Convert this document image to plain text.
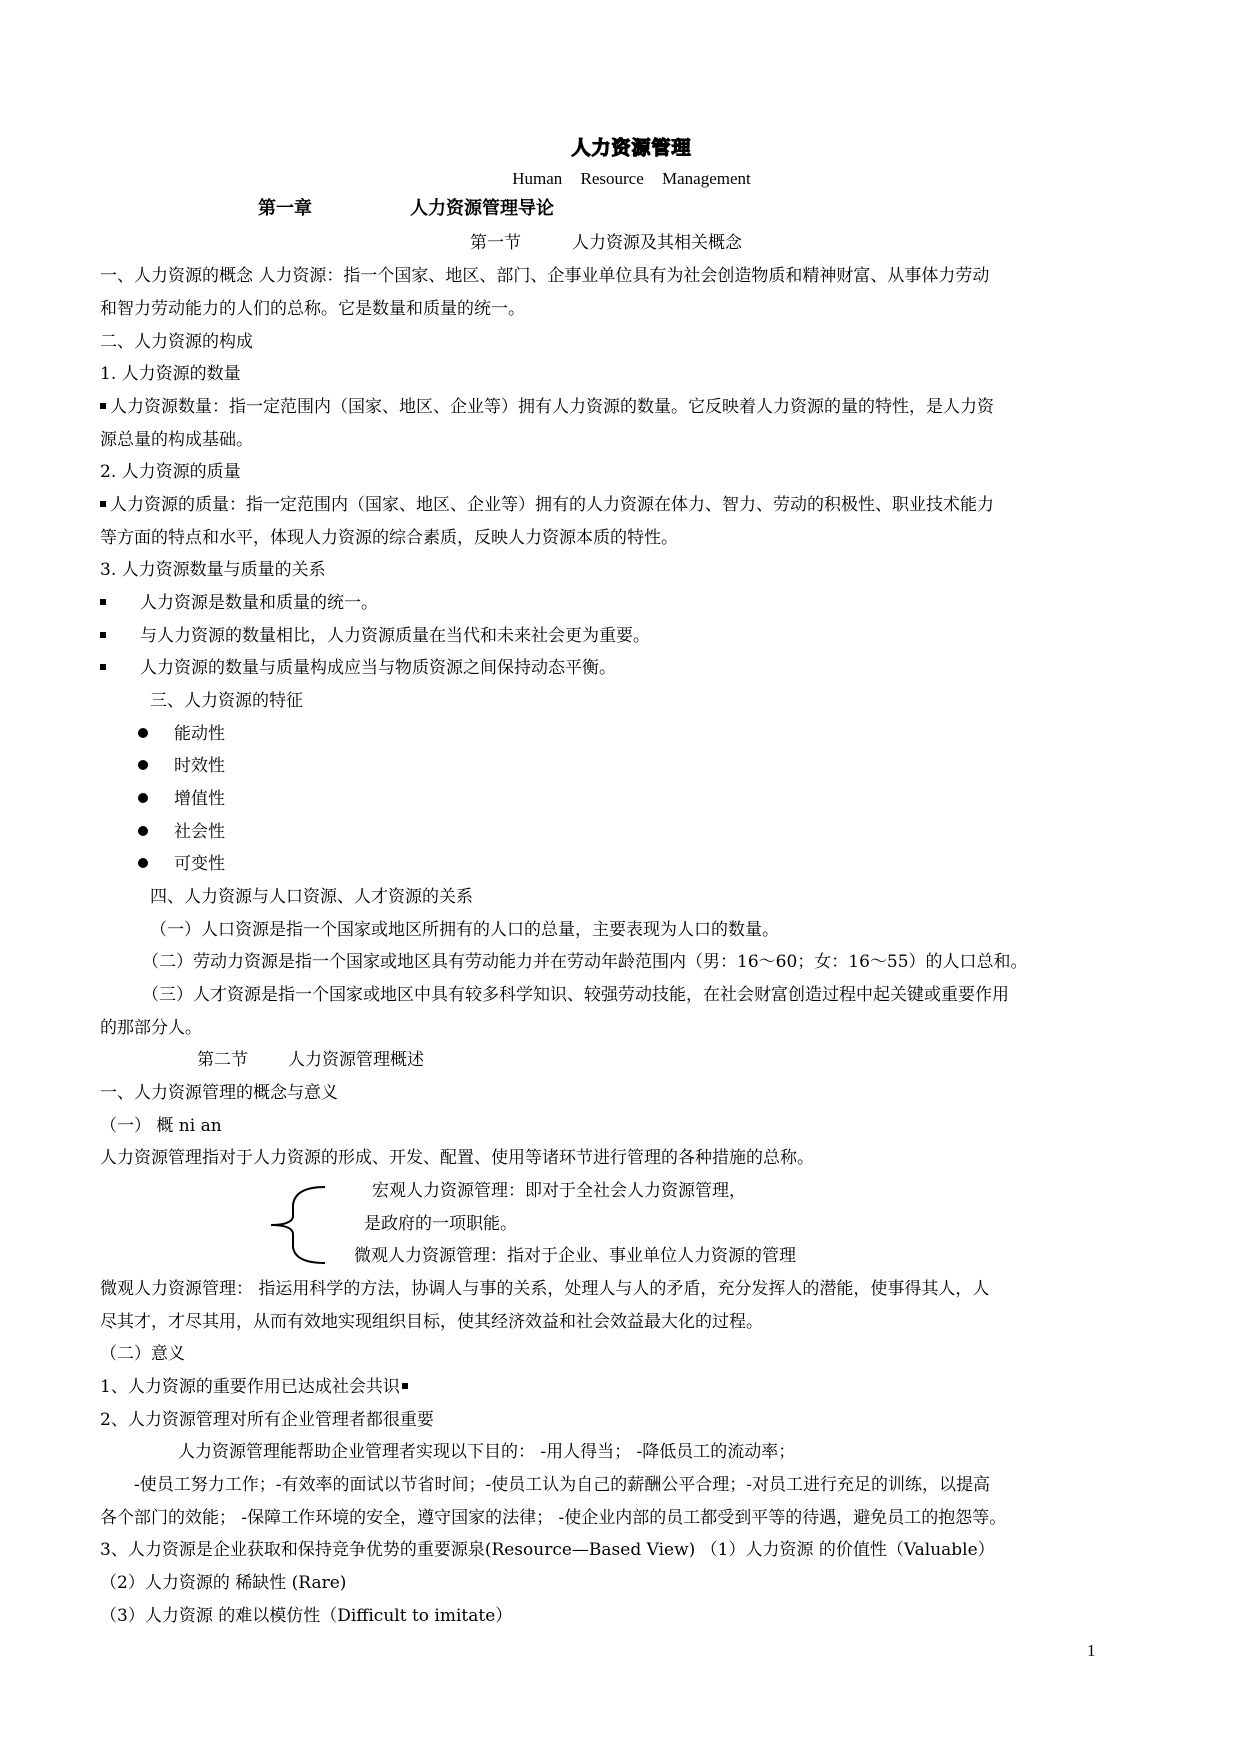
人力资源管理
Human Resource Management
第一章	人力资源管理导论
第一节	人力资源及其相关概念
一、人力资源的概念 人力资源：指一个国家、地区、部门、企事业单位具有为社会创造物质和精神财富、从事体力劳动
和智力劳动能力的人们的总称。它是数量和质量的统一。
二、人力资源的构成
1. 人力资源的数量
人力资源数量：指一定范围内（国家、地区、企业等）拥有人力资源的数量。它反映着人力资源的量的特性，是人力资
源总量的构成基础。
2. 人力资源的质量
人力资源的质量：指一定范围内（国家、地区、企业等）拥有的人力资源在体力、智力、劳动的积极性、职业技术能力
等方面的特点和水平，体现人力资源的综合素质，反映人力资源本质的特性。
3. 人力资源数量与质量的关系
人力资源是数量和质量的统一。
与人力资源的数量相比，人力资源质量在当代和未来社会更为重要。
人力资源的数量与质量构成应当与物质资源之间保持动态平衡。
三、人力资源的特征
能动性
时效性
增值性
社会性
可变性
四、人力资源与人口资源、人才资源的关系
（一）人口资源是指一个国家或地区所拥有的人口的总量，主要表现为人口的数量。
（二）劳动力资源是指一个国家或地区具有劳动能力并在劳动年龄范围内（男：16～60；女：16～55）的人口总和。
（三）人才资源是指一个国家或地区中具有较多科学知识、较强劳动技能，在社会财富创造过程中起关键或重要作用
的那部分人。
第二节 人力资源管理概述
一、人力资源管理的概念与意义
（一） 概 ni an
人力资源管理指对于人力资源的形成、开发、配置、使用等诸环节进行管理的各种措施的总称。
宏观人力资源管理：即对于全社会人力资源管理，
是政府的一项职能。
微观人力资源管理：指对于企业、事业单位人力资源的管理
微观人力资源管理： 指运用科学的方法，协调人与事的关系，处理人与人的矛盾，充分发挥人的潜能，使事得其人，人
尽其才，才尽其用，从而有效地实现组织目标，使其经济效益和社会效益最大化的过程。
（二）意义
1、人力资源的重要作用已达成社会共识
2、人力资源管理对所有企业管理者都很重要
人力资源管理能帮助企业管理者实现以下目的： -用人得当； -降低员工的流动率；
-使员工努力工作；-有效率的面试以节省时间；-使员工认为自己的薪酬公平合理；-对员工进行充足的训练，以提高
各个部门的效能； -保障工作环境的安全，遵守国家的法律； -使企业内部的员工都受到平等的待遇，避免员工的抱怨等。
3、人力资源是企业获取和保持竞争优势的重要源泉(Resource—Based View) （1）人力资源 的价值性（Valuable）
（2）人力资源的 稀缺性 (Rare)
（3）人力资源 的难以模仿性（Difficult to imitate）
1
